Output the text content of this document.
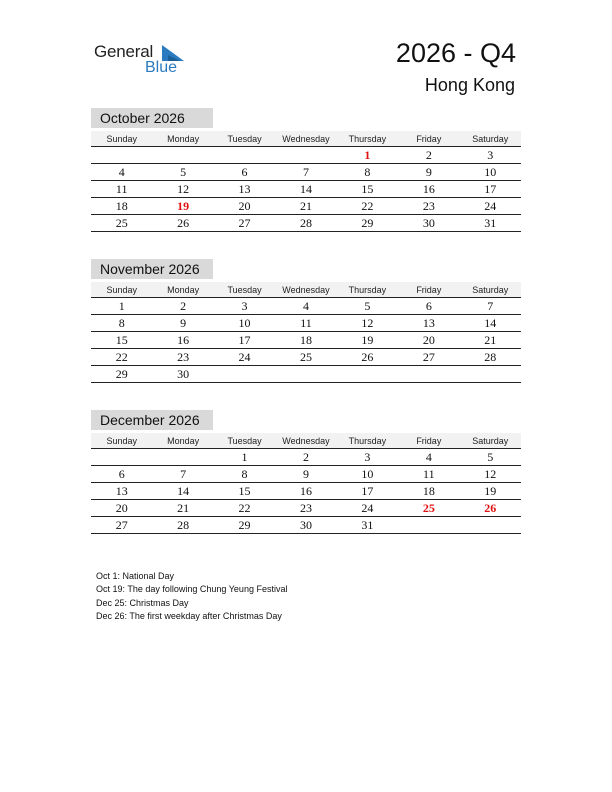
General
Blue	2026 - Q4
Hong Kong
October 2026
Sunday	Monday	Tuesday	Wednesday	Thursday	Friday	Saturday
				1	2	3
4	5	6	7	8	9	10
11	12	13	14	15	16	17
18	19	20	21	22	23	24
25	26	27	28	29	30	31
November 2026
Sunday	Monday	Tuesday	Wednesday	Thursday	Friday	Saturday
1	2	3	4	5	6	7
8	9	10	11	12	13	14
15	16	17	18	19	20	21
22	23	24	25	26	27	28
29	30					
December 2026
Sunday	Monday	Tuesday	Wednesday	Thursday	Friday	Saturday
		1	2	3	4	5
6	7	8	9	10	11	12
13	14	15	16	17	18	19
20	21	22	23	24	25	26
27	28	29	30	31		
Oct 1: National Day
Oct 19: The day following Chung Yeung Festival
Dec 25: Christmas Day
Dec 26: The first weekday after Christmas Day
